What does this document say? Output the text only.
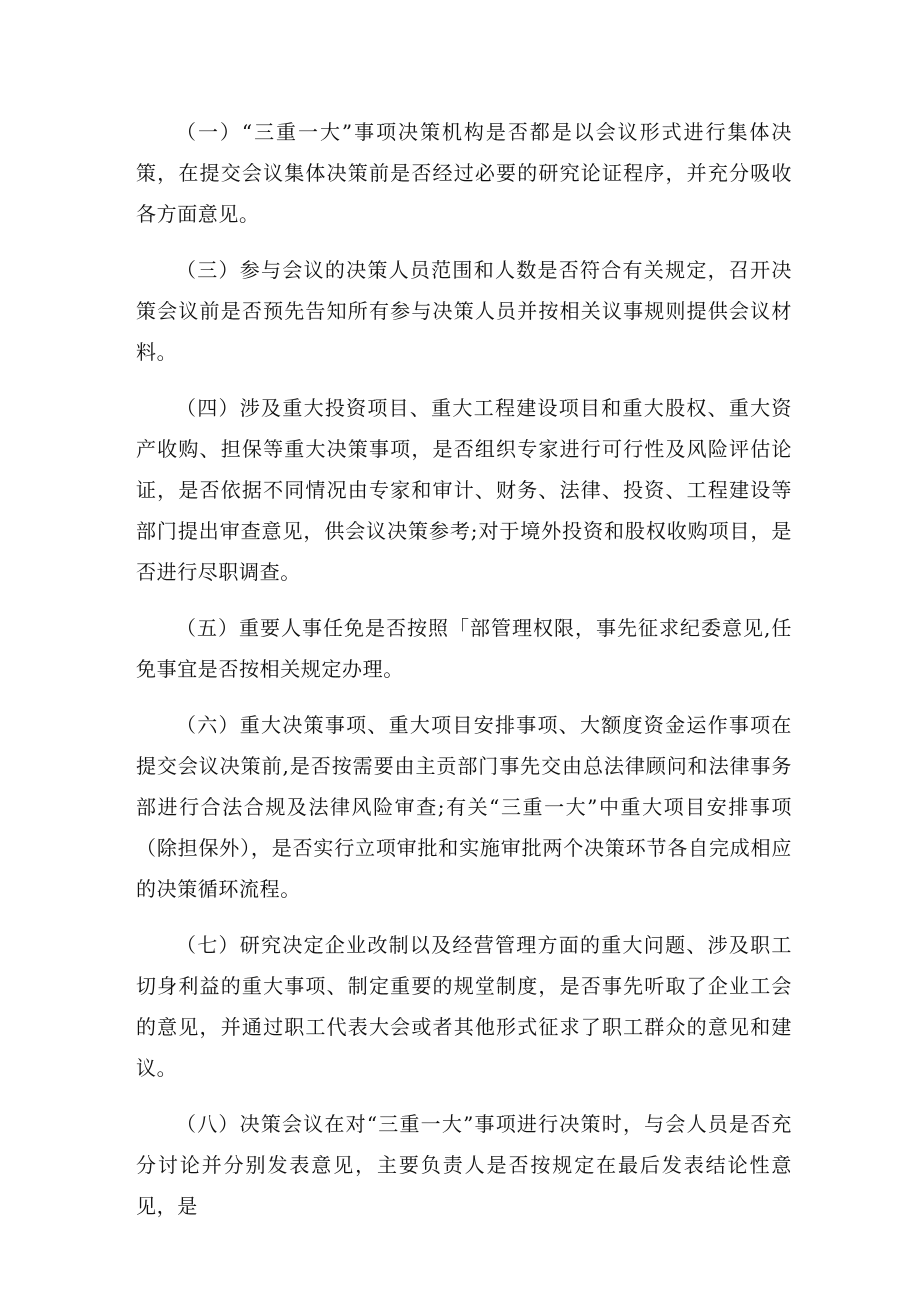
（一）“三重一大”事项决策机构是否都是以会议形式进行集体决策，在提交会议集体决策前是否经过必要的研究论证程序，并充分吸收各方面意见。

（三）参与会议的决策人员范围和人数是否符合有关规定，召开决策会议前是否预先告知所有参与决策人员并按相关议事规则提供会议材料。

（四）涉及重大投资项目、重大工程建设项目和重大股权、重大资产收购、担保等重大决策事项，是否组织专家进行可行性及风险评估论证，是否依据不同情况由专家和审计、财务、法律、投资、工程建设等部门提出审查意见，供会议决策参考;对于境外投资和股权收购项目，是否进行尽职调查。

（五）重要人事任免是否按照「部管理权限，事先征求纪委意见,任免事宜是否按相关规定办理。

（六）重大决策事项、重大项目安排事项、大额度资金运作事项在提交会议决策前,是否按需要由主贡部门事先交由总法律顾问和法律事务部进行合法合规及法律风险审查;有关“三重一大”中重大项目安排事项（除担保外），是否实行立项审批和实施审批两个决策环节各自完成相应的决策循环流程。

（七）研究决定企业改制以及经营管理方面的重大问题、涉及职工切身利益的重大事项、制定重要的规堂制度，是否事先听取了企业工会的意见，并通过职工代表大会或者其他形式征求了职工群众的意见和建议。

（八）决策会议在对“三重一大”事项进行决策时，与会人员是否充分讨论并分别发表意见，主要负责人是否按规定在最后发表结论性意见，是
